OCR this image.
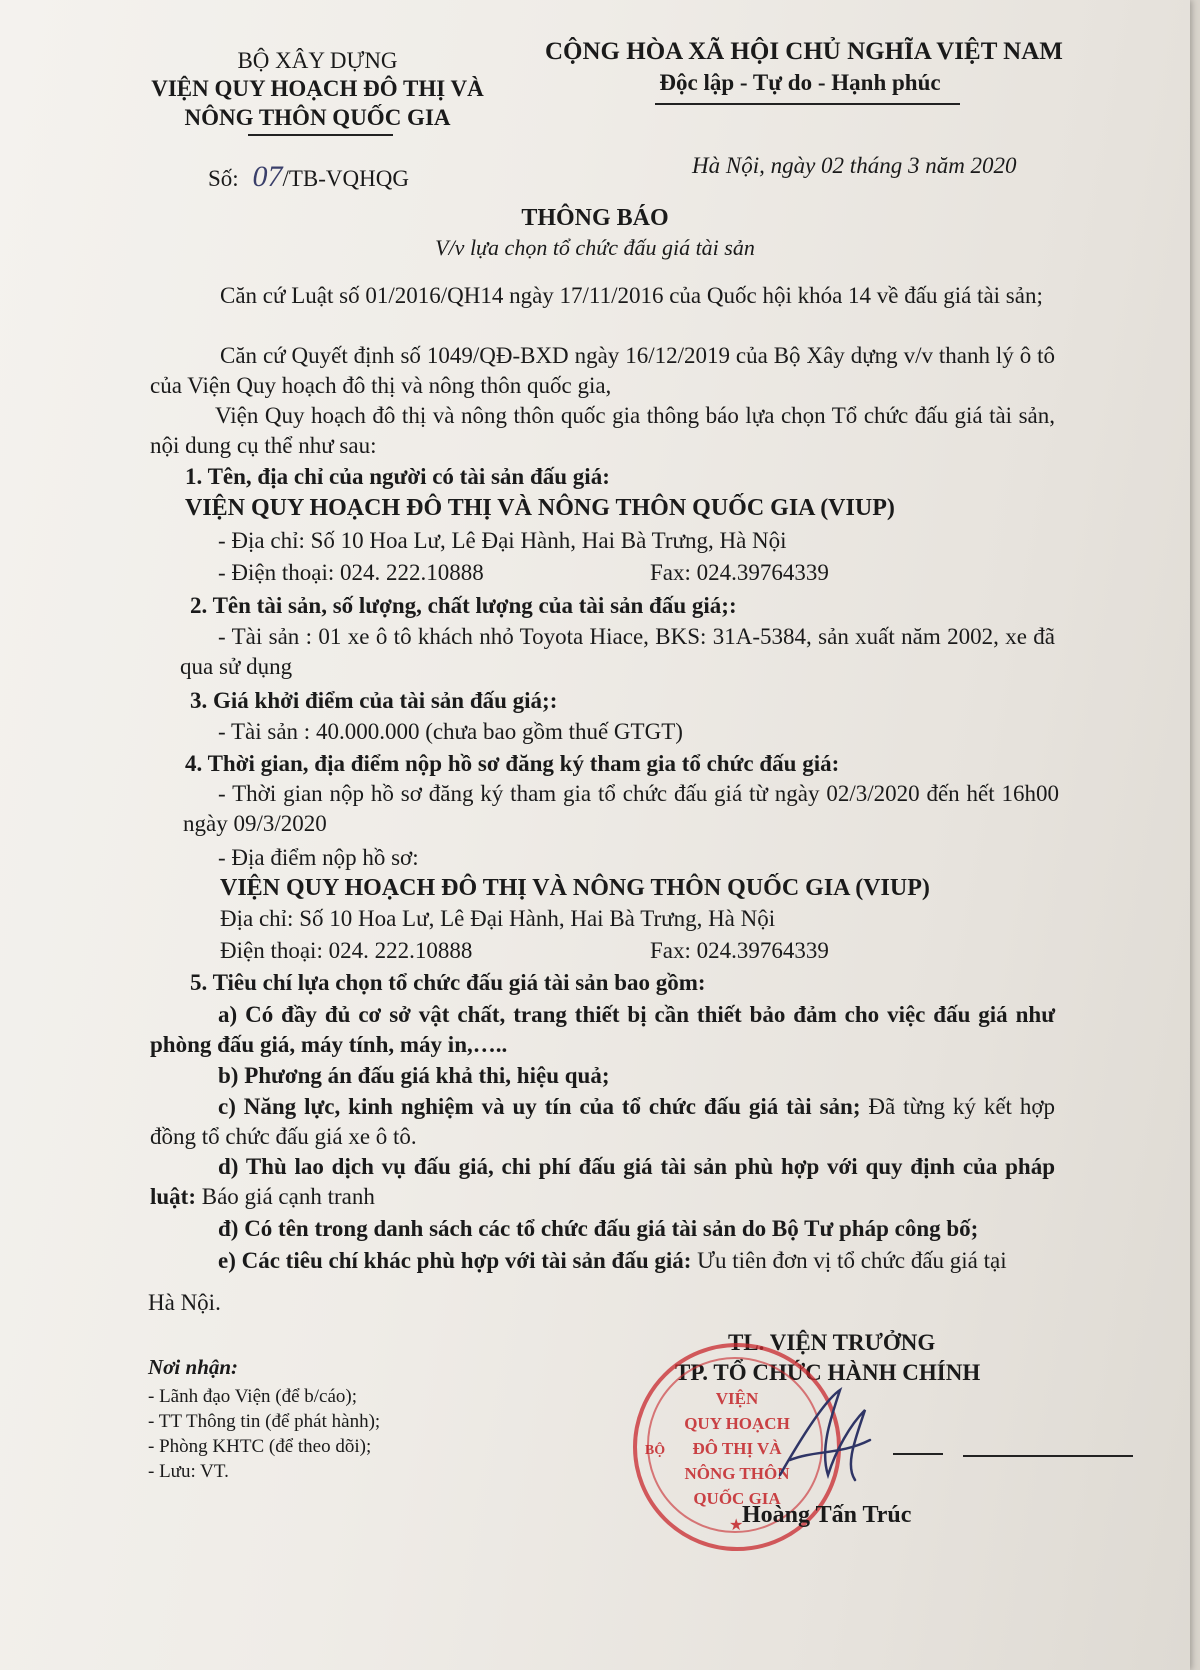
BỘ XÂY DỰNG
VIỆN QUY HOẠCH ĐÔ THỊ VÀ
NÔNG THÔN QUỐC GIA
CỘNG HÒA XÃ HỘI CHỦ NGHĨA VIỆT NAM
Độc lập - Tự do - Hạnh phúc
Số: 07/TB-VQHQG
Hà Nội, ngày 02 tháng 3 năm 2020
THÔNG BÁO
V/v lựa chọn tổ chức đấu giá tài sản
Căn cứ Luật số 01/2016/QH14 ngày 17/11/2016 của Quốc hội khóa 14 về đấu giá tài sản;
Căn cứ Quyết định số 1049/QĐ-BXD ngày 16/12/2019 của Bộ Xây dựng v/v thanh lý ô tô của Viện Quy hoạch đô thị và nông thôn quốc gia,
Viện Quy hoạch đô thị và nông thôn quốc gia thông báo lựa chọn Tổ chức đấu giá tài sản, nội dung cụ thể như sau:
1. Tên, địa chỉ của người có tài sản đấu giá:
VIỆN QUY HOẠCH ĐÔ THỊ VÀ NÔNG THÔN QUỐC GIA (VIUP)
- Địa chỉ: Số 10 Hoa Lư, Lê Đại Hành, Hai Bà Trưng, Hà Nội
- Điện thoại: 024. 222.10888	Fax: 024.39764339
2. Tên tài sản, số lượng, chất lượng của tài sản đấu giá;:
- Tài sản : 01 xe ô tô khách nhỏ Toyota Hiace, BKS: 31A-5384, sản xuất năm 2002, xe đã qua sử dụng
3. Giá khởi điểm của tài sản đấu giá;:
- Tài sản : 40.000.000 (chưa bao gồm thuế GTGT)
4. Thời gian, địa điểm nộp hồ sơ đăng ký tham gia tổ chức đấu giá:
- Thời gian nộp hồ sơ đăng ký tham gia tổ chức đấu giá từ ngày 02/3/2020 đến hết 16h00 ngày 09/3/2020
- Địa điểm nộp hồ sơ:
VIỆN QUY HOẠCH ĐÔ THỊ VÀ NÔNG THÔN QUỐC GIA (VIUP)
Địa chỉ: Số 10 Hoa Lư, Lê Đại Hành, Hai Bà Trưng, Hà Nội
Điện thoại: 024. 222.10888	Fax: 024.39764339
5. Tiêu chí lựa chọn tổ chức đấu giá tài sản bao gồm:
a) Có đầy đủ cơ sở vật chất, trang thiết bị cần thiết bảo đảm cho việc đấu giá như phòng đấu giá, máy tính, máy in,…..
b) Phương án đấu giá khả thi, hiệu quả;
c) Năng lực, kinh nghiệm và uy tín của tổ chức đấu giá tài sản; Đã từng ký kết hợp đồng tổ chức đấu giá xe ô tô.
d) Thù lao dịch vụ đấu giá, chi phí đấu giá tài sản phù hợp với quy định của pháp luật: Báo giá cạnh tranh
đ) Có tên trong danh sách các tổ chức đấu giá tài sản do Bộ Tư pháp công bố;
e) Các tiêu chí khác phù hợp với tài sản đấu giá: Ưu tiên đơn vị tổ chức đấu giá tại
Hà Nội.
Nơi nhận:
- Lãnh đạo Viện (để b/cáo);
- TT Thông tin (để phát hành);
- Phòng KHTC (để theo dõi);
- Lưu: VT.
TL. VIỆN TRƯỞNG
TP. TỔ CHỨC HÀNH CHÍNH
VIỆN
QUY HOẠCH
ĐÔ THỊ VÀ
NÔNG THÔN
QUỐC GIA
BỘ
★
Hoàng Tấn Trúc
